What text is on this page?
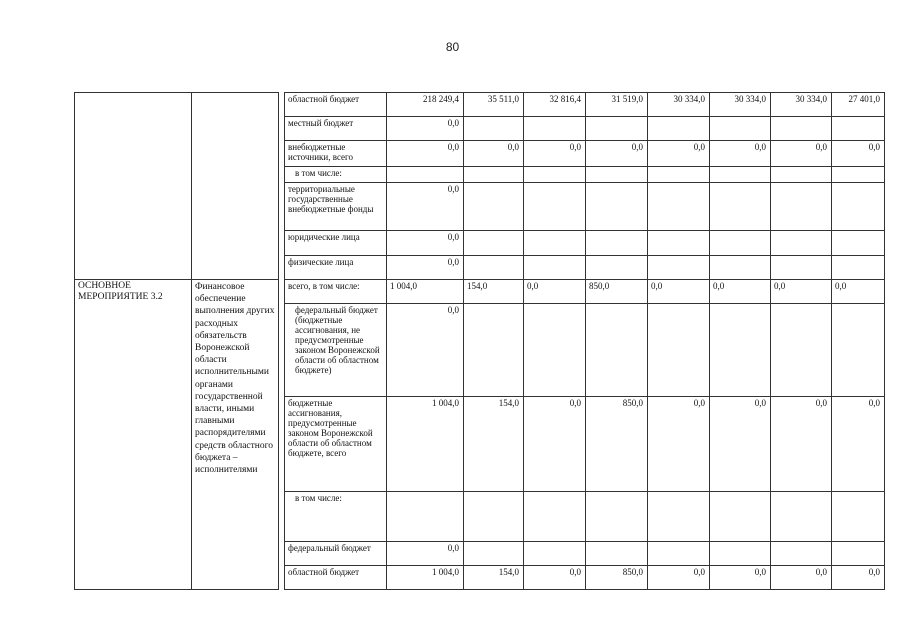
80
			областной бюджет	218 249,4	35 511,0	32 816,4	31 519,0	30 334,0	30 334,0	30 334,0	27 401,0
			местный бюджет	0,0							
			внебюджетные источники, всего	0,0	0,0	0,0	0,0	0,0	0,0	0,0	0,0
			в том числе:								
			территориальные государственные внебюджетные фонды	0,0							
			юридические лица	0,0							
			физические лица	0,0							
ОСНОВНОЕ МЕРОПРИЯТИЕ 3.2	Финансовое обеспечение выполнения других расходных обязательств Воронежской области исполнительными органами государственной власти, иными главными распорядителями средств областного бюджета – исполнителями		всего, в том числе:	1 004,0	154,0	0,0	850,0	0,0	0,0	0,0	0,0
			федеральный бюджет (бюджетные ассигнования, не предусмотренные законом Воронежской области об областном бюджете)	0,0							
			бюджетные ассигнования, предусмотренные законом Воронежской области об областном бюджете, всего	1 004,0	154,0	0,0	850,0	0,0	0,0	0,0	0,0
			в том числе:								
			федеральный бюджет	0,0							
			областной бюджет	1 004,0	154,0	0,0	850,0	0,0	0,0	0,0	0,0
